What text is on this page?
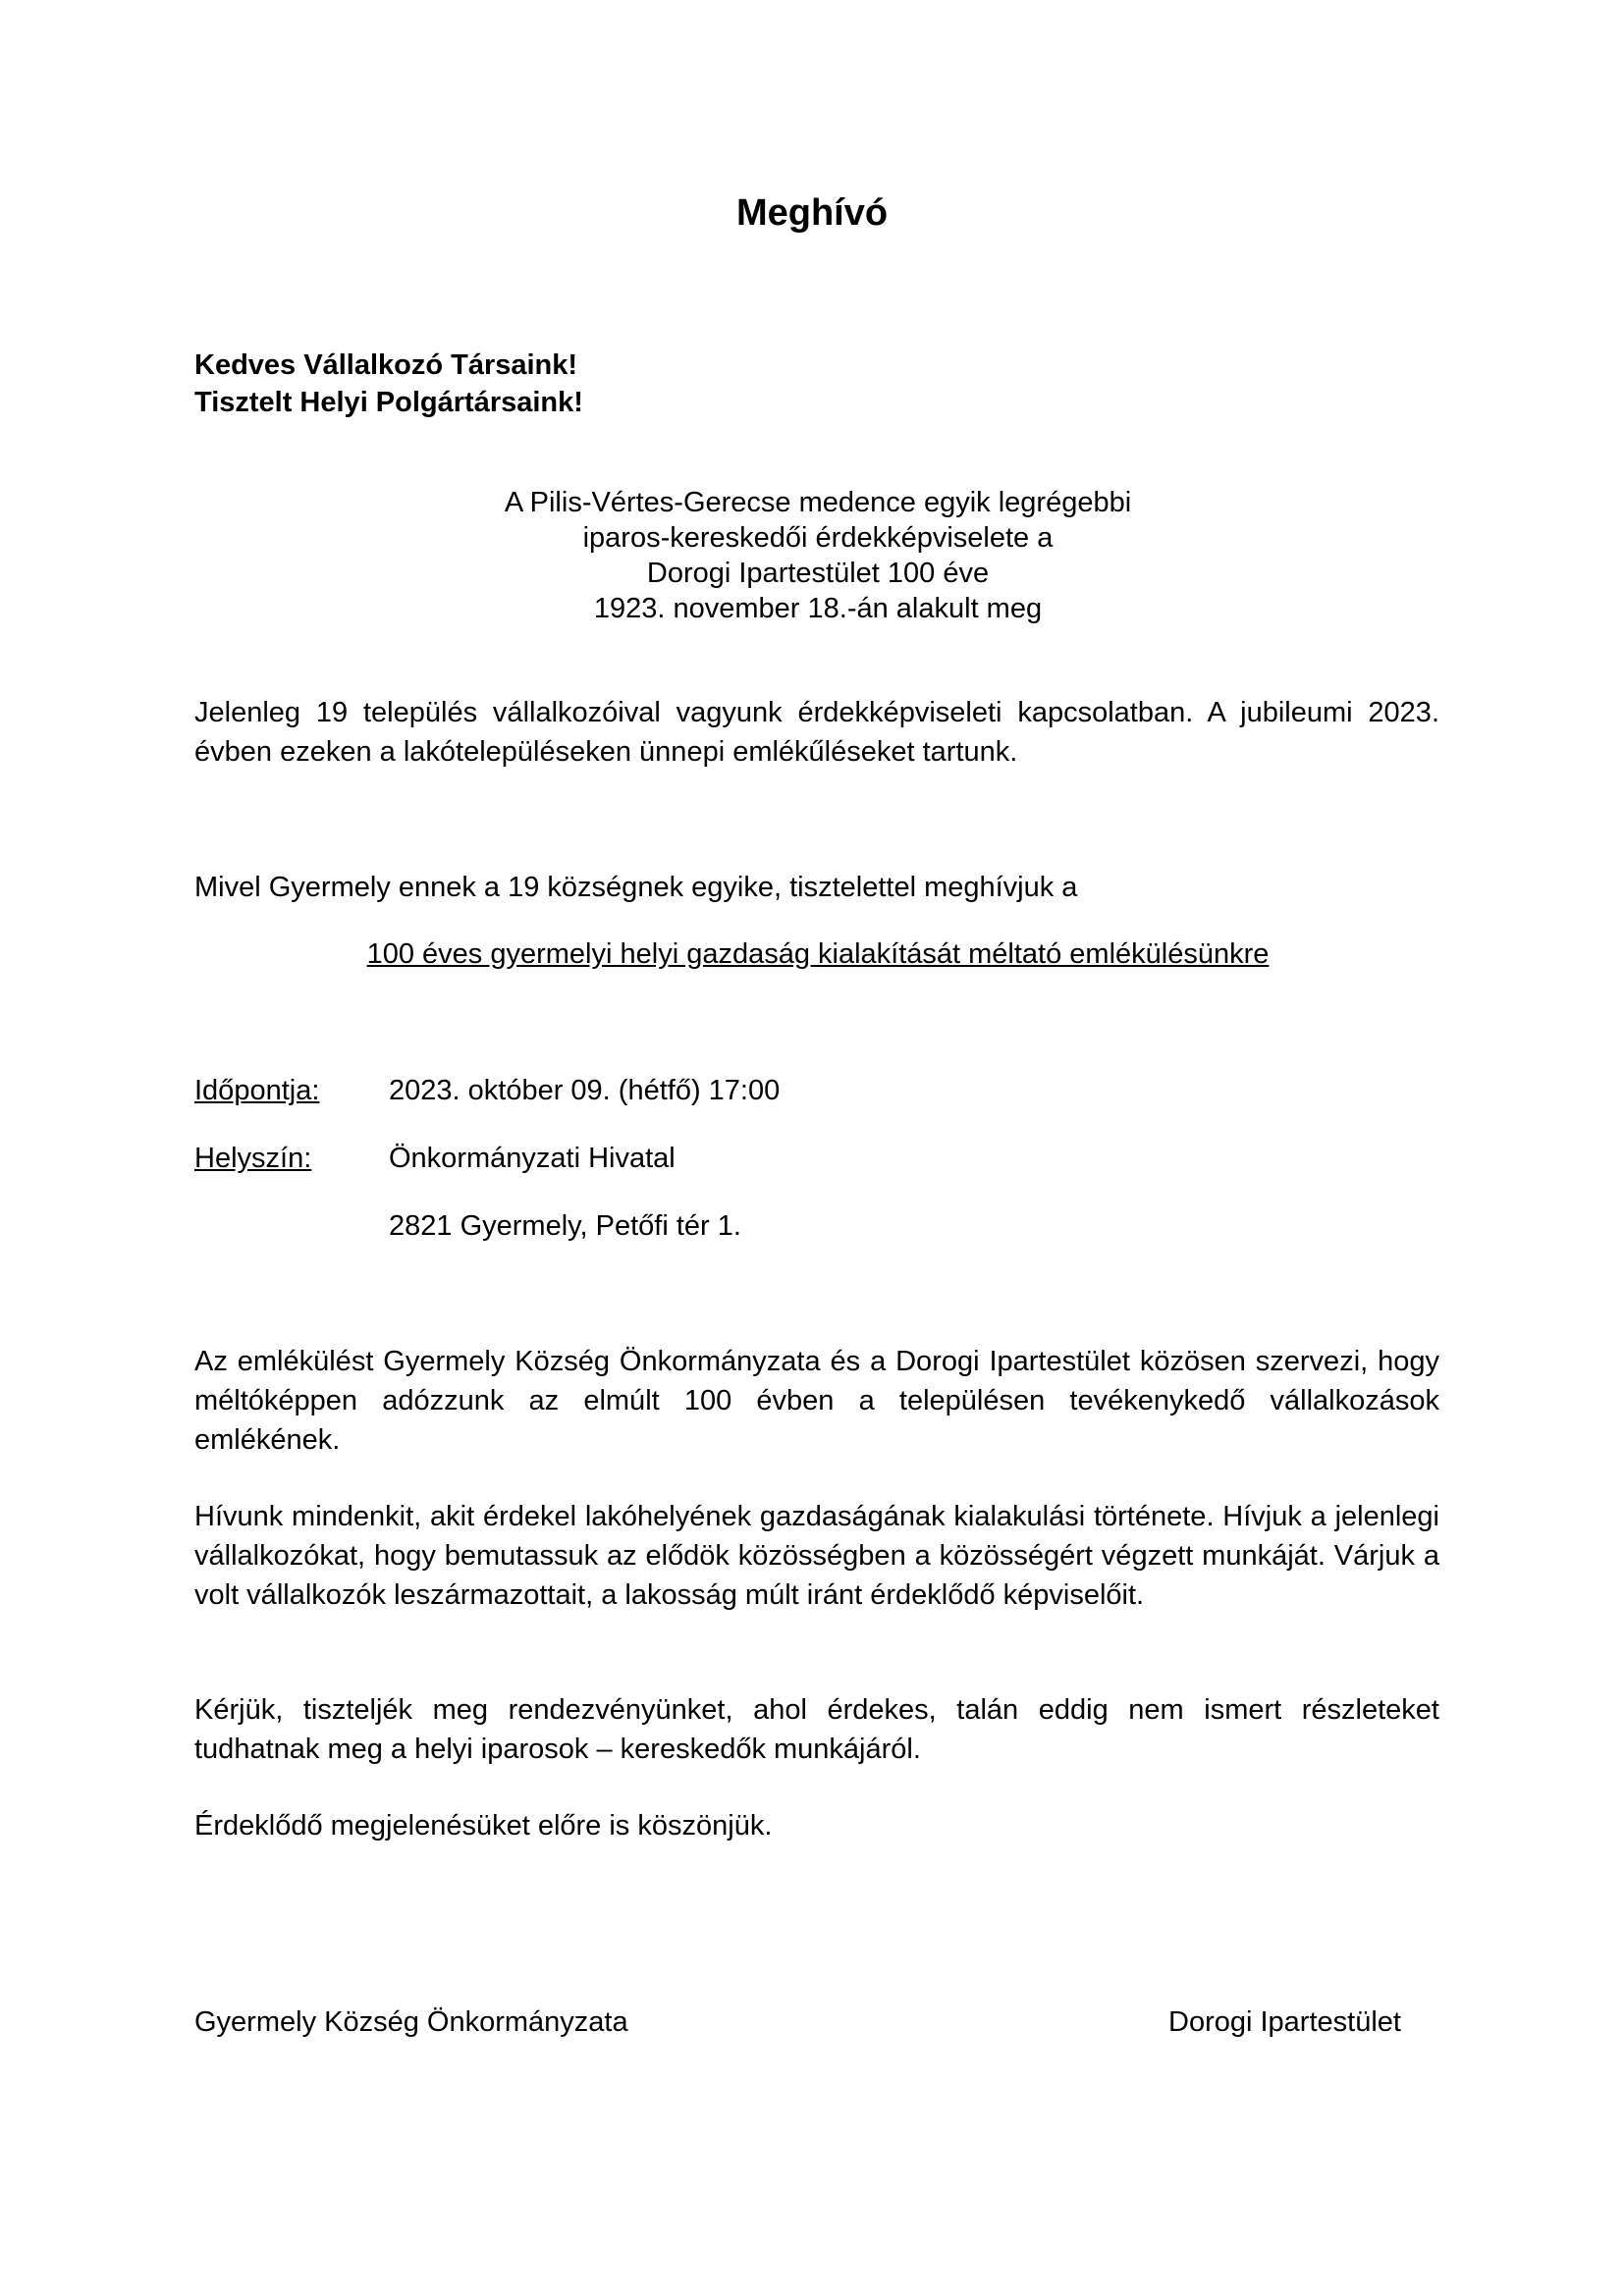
Meghívó
Kedves Vállalkozó Társaink!
Tisztelt Helyi Polgártársaink!
A Pilis-Vértes-Gerecse medence egyik legrégebbi
iparos-kereskedői érdekképviselete a
Dorogi Ipartestület 100 éve
1923. november 18.-án alakult meg
Jelenleg 19 település vállalkozóival vagyunk érdekképviseleti kapcsolatban. A jubileumi 2023. évben ezeken a lakótelepüléseken ünnepi emlékűléseket tartunk.
Mivel Gyermely ennek a 19 községnek egyike, tisztelettel meghívjuk a
100 éves gyermelyi helyi gazdaság kialakítását méltató emlékülésünkre
Időpontja: 2023. október 09. (hétfő) 17:00
Helyszín:	Önkormányzati Hivatal
2821 Gyermely, Petőfi tér 1.
Az emlékülést Gyermely Község Önkormányzata és a Dorogi Ipartestület közösen szervezi, hogy méltóképpen adózzunk az elmúlt 100 évben a településen tevékenykedő vállalkozások emlékének.
Hívunk mindenkit, akit érdekel lakóhelyének gazdaságának kialakulási története. Hívjuk a jelenlegi vállalkozókat, hogy bemutassuk az elődök közösségben a közösségért végzett munkáját. Várjuk a volt vállalkozók leszármazottait, a lakosság múlt iránt érdeklődő képviselőit.
Kérjük, tiszteljék meg rendezvényünket, ahol érdekes, talán eddig nem ismert részleteket tudhatnak meg a helyi iparosok – kereskedők munkájáról.
Érdeklődő megjelenésüket előre is köszönjük.
Gyermely Község Önkormányzata	Dorogi Ipartestület
